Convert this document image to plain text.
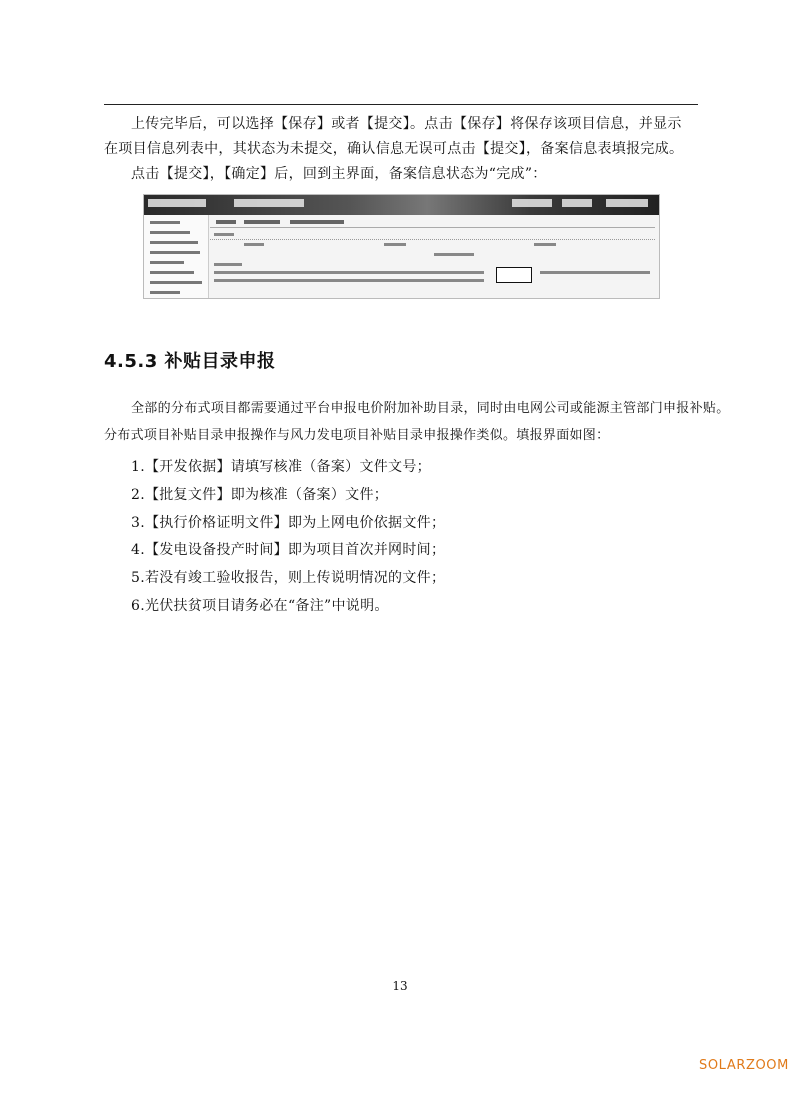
上传完毕后，可以选择【保存】或者【提交】。点击【保存】将保存该项目信息，并显示
在项目信息列表中，其状态为未提交，确认信息无误可点击【提交】，备案信息表填报完成。
点击【提交】，【确定】后，回到主界面，备案信息状态为“完成”：
4.5.3 补贴目录申报
全部的分布式项目都需要通过平台申报电价附加补助目录，同时由电网公司或能源主管部门申报补贴。
分布式项目补贴目录申报操作与风力发电项目补贴目录申报操作类似。填报界面如图：
1.【开发依据】请填写核准（备案）文件文号；
2.【批复文件】即为核准（备案）文件；
3.【执行价格证明文件】即为上网电价依据文件；
4.【发电设备投产时间】即为项目首次并网时间；
5.若没有竣工验收报告，则上传说明情况的文件；
6.光伏扶贫项目请务必在“备注”中说明。
13
SOLARZOOM
